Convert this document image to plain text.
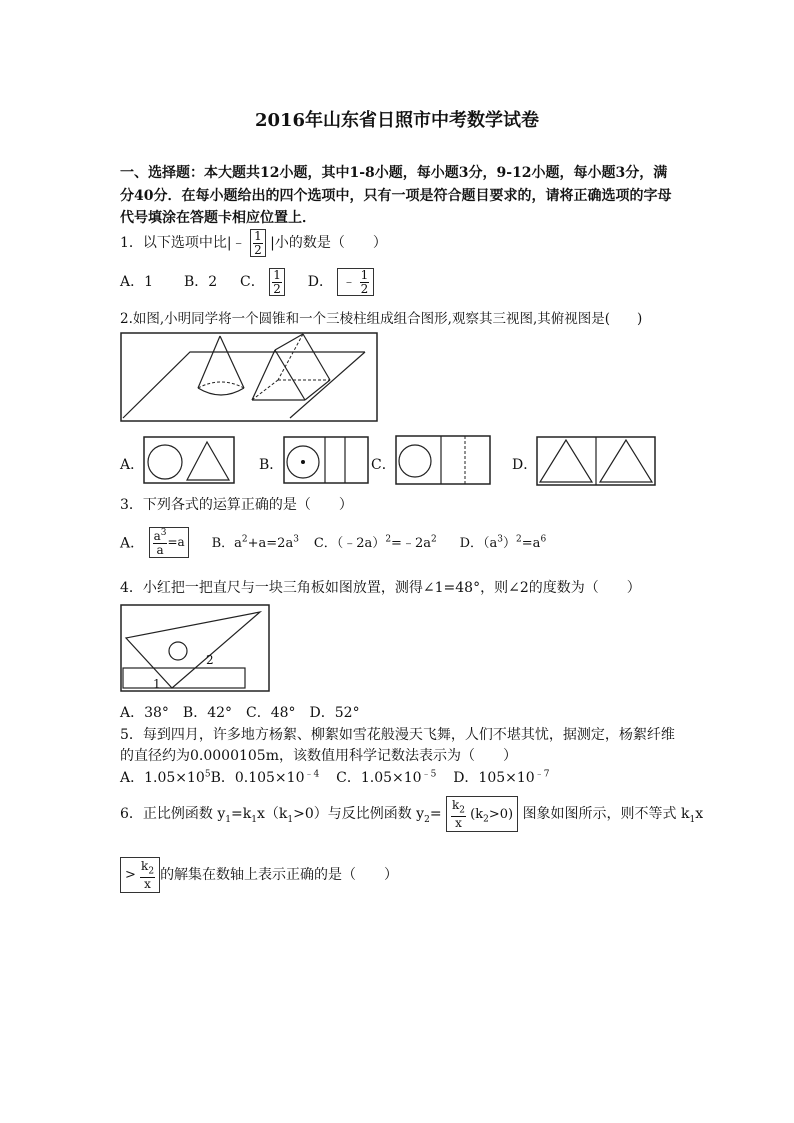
2016年山东省日照市中考数学试卷
一、选择题：本大题共12小题，其中1-8小题，每小题3分，9-12小题，每小题3分，满
分40分．在每小题给出的四个选项中，只有一项是符合题目要求的，请将正确选项的字母
代号填涂在答题卡相应位置上．
1．以下选项中比|﹣ $\frac{1}{2}$ |小的数是（　　）
A．1 B．2 C． $\frac{1}{2}$ D． ﹣ $\frac{1}{2}$
2.如图,小明同学将一个圆锥和一个三棱柱组成组合图形,观察其三视图,其俯视图是(　　)
A．	B．	C．	D．
3．下列各式的运算正确的是（　　）
A． $\frac{a^3}{a} =a$ B．$a^2+a=2a^3$ C．$(﹣2a)^2=﹣2a^2$ D．$(a^3)^2=a^6$
4．小红把一把直尺与一块三角板如图放置，测得∠1=48°，则∠2的度数为（　　）
1
2
A．38°　B．42°　C．48°　D．52°
5．每到四月，许多地方杨絮、柳絮如雪花般漫天飞舞，人们不堪其忧，据测定，杨絮纤维
的直径约为0.0000105m，该数值用科学记数法表示为（　　）
A．$1.05\times 10^5B$．$0.105\times 10^{﹣4}$ C．$1.05\times 10^{﹣5}$ D．$105\times 10^{﹣7}$
6．正比例函数 $y_1=k_1x(k_1>0)$与反比例函数 $y_2= \frac{k_2}{x} (k_2>0)$ 图象如图所示，则不等式 $k_1x$
> $\frac{k_2}{x}$ 的解集在数轴上表示正确的是（　　）
